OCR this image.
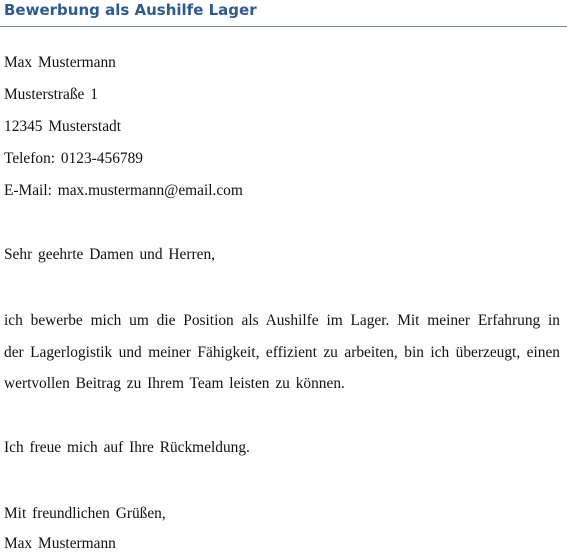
Bewerbung als Aushilfe Lager
Max Mustermann
Musterstraße 1
12345 Musterstadt
Telefon: 0123-456789
E-Mail: max.mustermann@email.com
Sehr geehrte Damen und Herren,
ich bewerbe mich um die Position als Aushilfe im Lager. Mit meiner Erfahrung in
der Lagerlogistik und meiner Fähigkeit, effizient zu arbeiten, bin ich überzeugt, einen
wertvollen Beitrag zu Ihrem Team leisten zu können.
Ich freue mich auf Ihre Rückmeldung.
Mit freundlichen Grüßen,
Max Mustermann
